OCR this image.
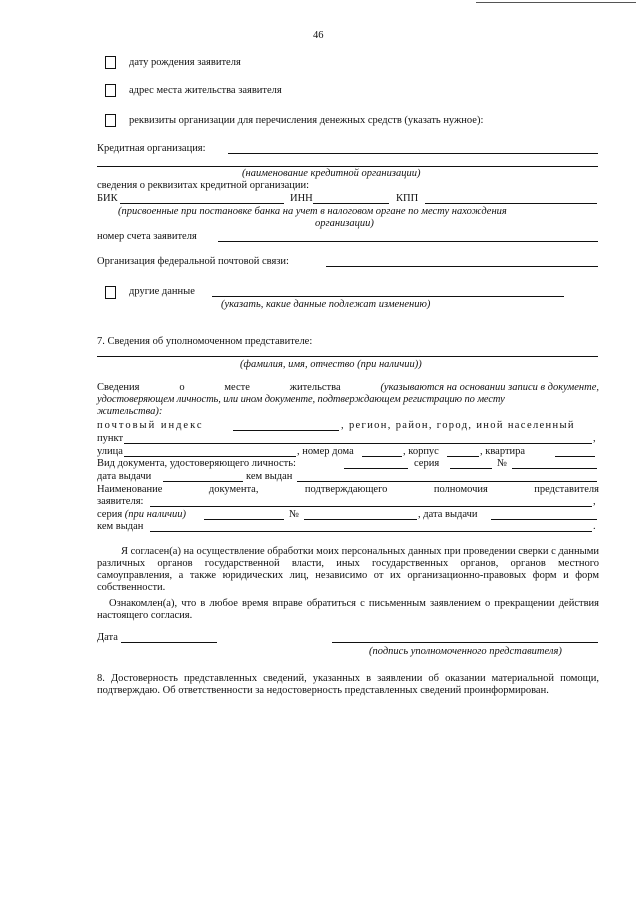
46
дату рождения заявителя
адрес места жительства заявителя
реквизиты организации для перечисления денежных средств (указать нужное):
Кредитная организация:
(наименование кредитной организации)
сведения о реквизитах кредитной организации:
БИК	ИНН	КПП
(присвоенные при постановке банка на учет в налоговом органе по месту нахождения
организации)
номер счета заявителя
Организация федеральной почтовой связи:
другие данные
(указать, какие данные подлежат изменению)
7. Сведения об уполномоченном представителе:
(фамилия, имя, отчество (при наличии))
Сведения	о	месте	жительства	(указываются на основании записи в документе,
удостоверяющем личность, или ином документе, подтверждающем регистрацию по месту
жительства):
почтовый индекс	, регион, район, город, иной населенный
пункт	,
улица	, номер дома	, корпус	, квартира
Вид документа, удостоверяющего личность:	серия	№
дата выдачи	кем выдан
Наименование	документа,	подтверждающего	полномочия	представителя
заявителя:	,
серия (при наличии)	№	, дата выдачи
кем выдан	.
Я согласен(а) на осуществление обработки моих персональных данных при проведении сверки с данными различных органов государственной власти, иных государственных органов, органов местного самоуправления, а также юридических лиц, независимо от их организационно-правовых форм и форм собственности.
Ознакомлен(а), что в любое время вправе обратиться с письменным заявлением о прекращении действия настоящего согласия.
Дата
(подпись уполномоченного представителя)
8. Достоверность представленных сведений, указанных в заявлении об оказании материальной помощи, подтверждаю. Об ответственности за недостоверность представленных сведений проинформирован.
